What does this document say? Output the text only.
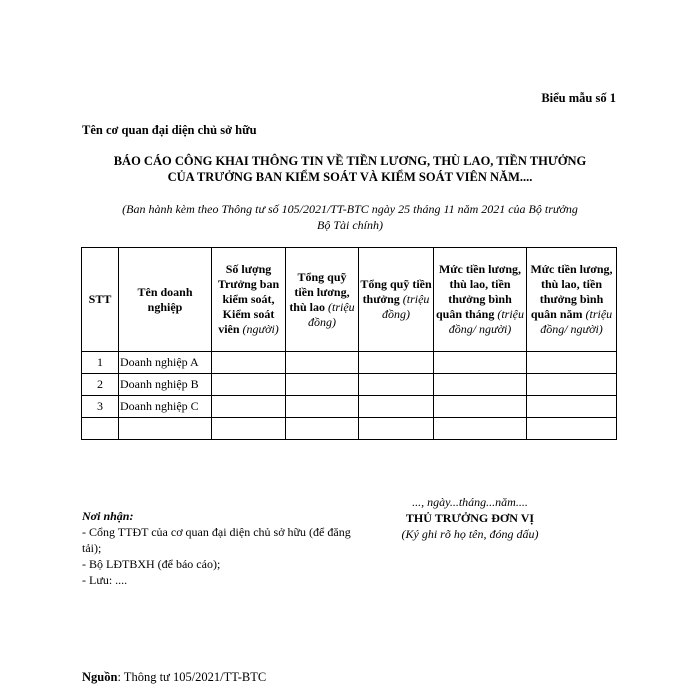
Biểu mẫu số 1
Tên cơ quan đại diện chủ sở hữu
BÁO CÁO CÔNG KHAI THÔNG TIN VỀ TIỀN LƯƠNG, THÙ LAO, TIỀN THƯỞNG
CỦA TRƯỞNG BAN KIỂM SOÁT VÀ KIỂM SOÁT VIÊN NĂM....
(Ban hành kèm theo Thông tư số 105/2021/TT-BTC ngày 25 tháng 11 năm 2021 của Bộ trưởng
Bộ Tài chính)
STT	Tên doanh nghiệp	Số lượng Trưởng ban kiểm soát, Kiểm soát viên (người)	Tổng quỹ tiền lương, thù lao (triệu đồng)	Tổng quỹ tiền thưởng (triệu đồng)	Mức tiền lương, thù lao, tiền thưởng bình quân tháng (triệu đồng/ người)	Mức tiền lương, thù lao, tiền thưởng bình quân năm (triệu đồng/ người)
1	Doanh nghiệp A					
2	Doanh nghiệp B					
3	Doanh nghiệp C					

Nơi nhận:
- Cổng TTĐT của cơ quan đại diện chủ sở hữu (để đăng tải);
- Bộ LĐTBXH (để báo cáo);
- Lưu: ....
..., ngày...tháng...năm....
THỦ TRƯỞNG ĐƠN VỊ
(Ký ghi rõ họ tên, đóng dấu)
Nguồn: Thông tư 105/2021/TT-BTC
